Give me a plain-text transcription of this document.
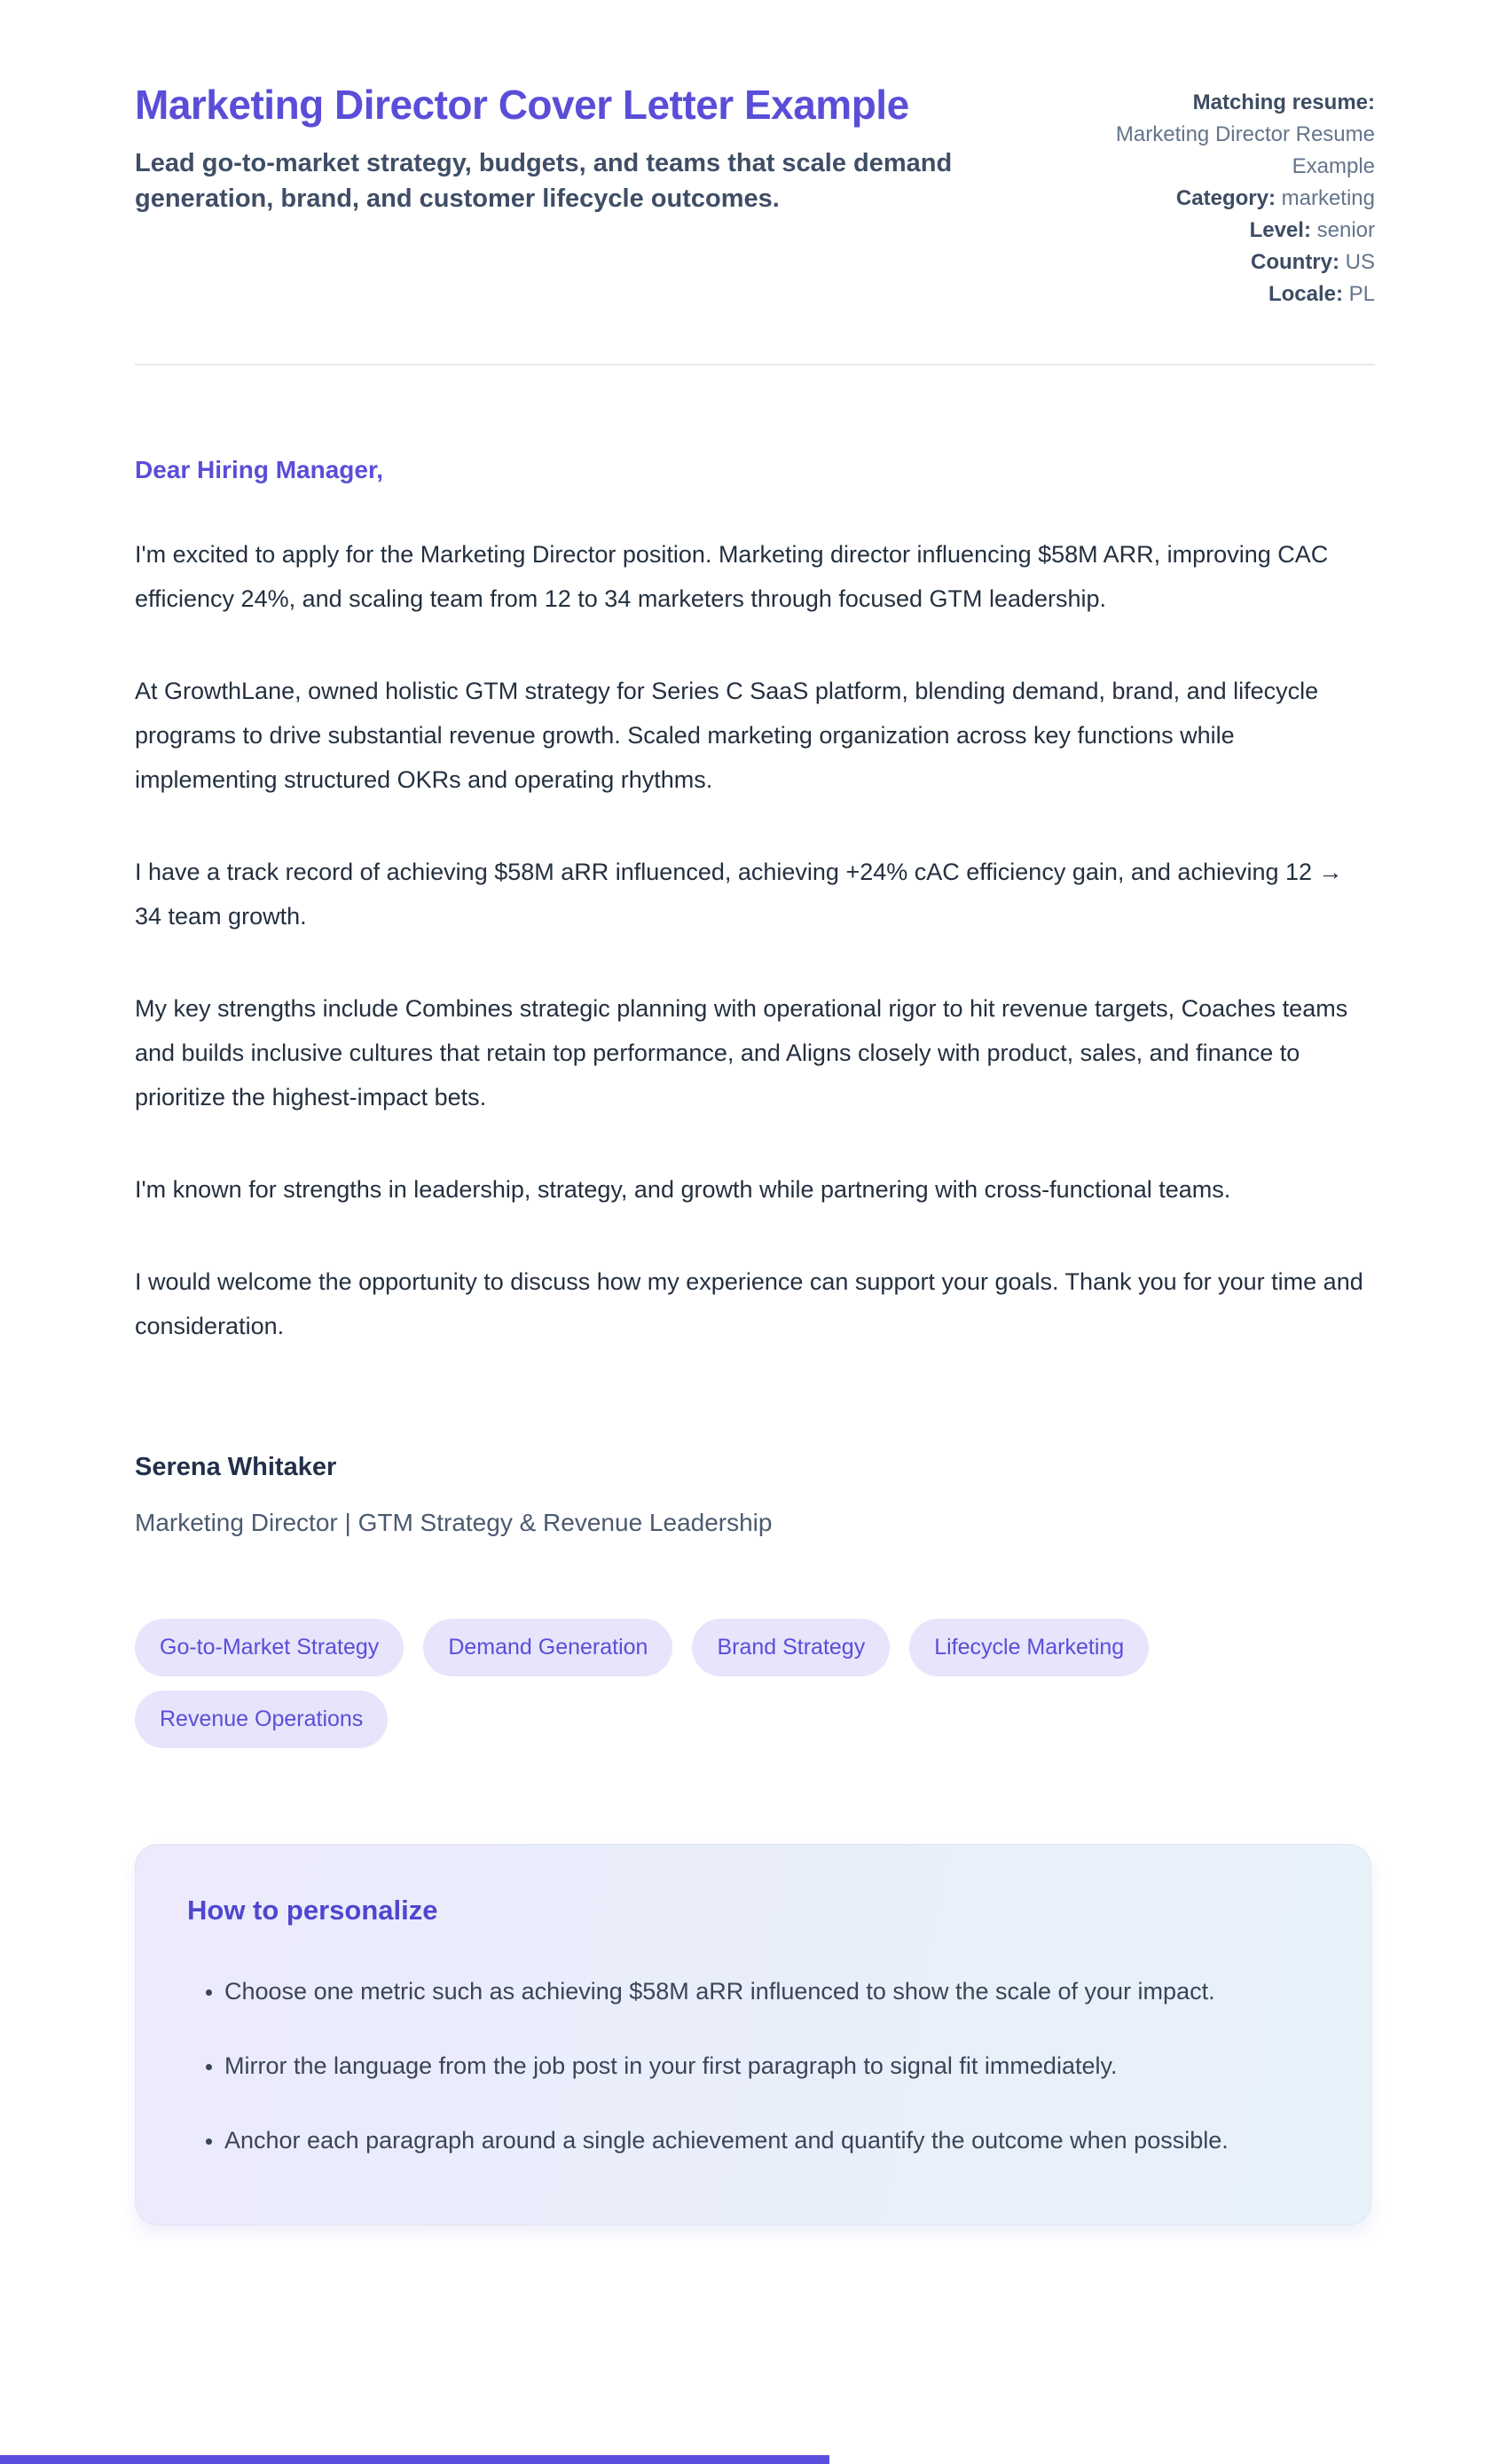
Marketing Director Cover Letter Example
Lead go-to-market strategy, budgets, and teams that scale demand generation, brand, and customer lifecycle outcomes.
Matching resume: Marketing Director Resume Example
Category: marketing
Level: senior
Country: US
Locale: PL
Dear Hiring Manager,

I'm excited to apply for the Marketing Director position. Marketing director influencing $58M ARR, improving CAC efficiency 24%, and scaling team from 12 to 34 marketers through focused GTM leadership.

At GrowthLane, owned holistic GTM strategy for Series C SaaS platform, blending demand, brand, and lifecycle programs to drive substantial revenue growth. Scaled marketing organization across key functions while implementing structured OKRs and operating rhythms.

I have a track record of achieving $58M aRR influenced, achieving +24% cAC efficiency gain, and achieving 12 → 34 team growth.

My key strengths include Combines strategic planning with operational rigor to hit revenue targets, Coaches teams and builds inclusive cultures that retain top performance, and Aligns closely with product, sales, and finance to prioritize the highest-impact bets.

I'm known for strengths in leadership, strategy, and growth while partnering with cross-functional teams.

I would welcome the opportunity to discuss how my experience can support your goals. Thank you for your time and consideration.

Serena Whitaker
Marketing Director | GTM Strategy & Revenue Leadership
Go-to-Market Strategy	Demand Generation	Brand Strategy	Lifecycle Marketing
Revenue Operations
How to personalize
• Choose one metric such as achieving $58M aRR influenced to show the scale of your impact.
• Mirror the language from the job post in your first paragraph to signal fit immediately.
• Anchor each paragraph around a single achievement and quantify the outcome when possible.
